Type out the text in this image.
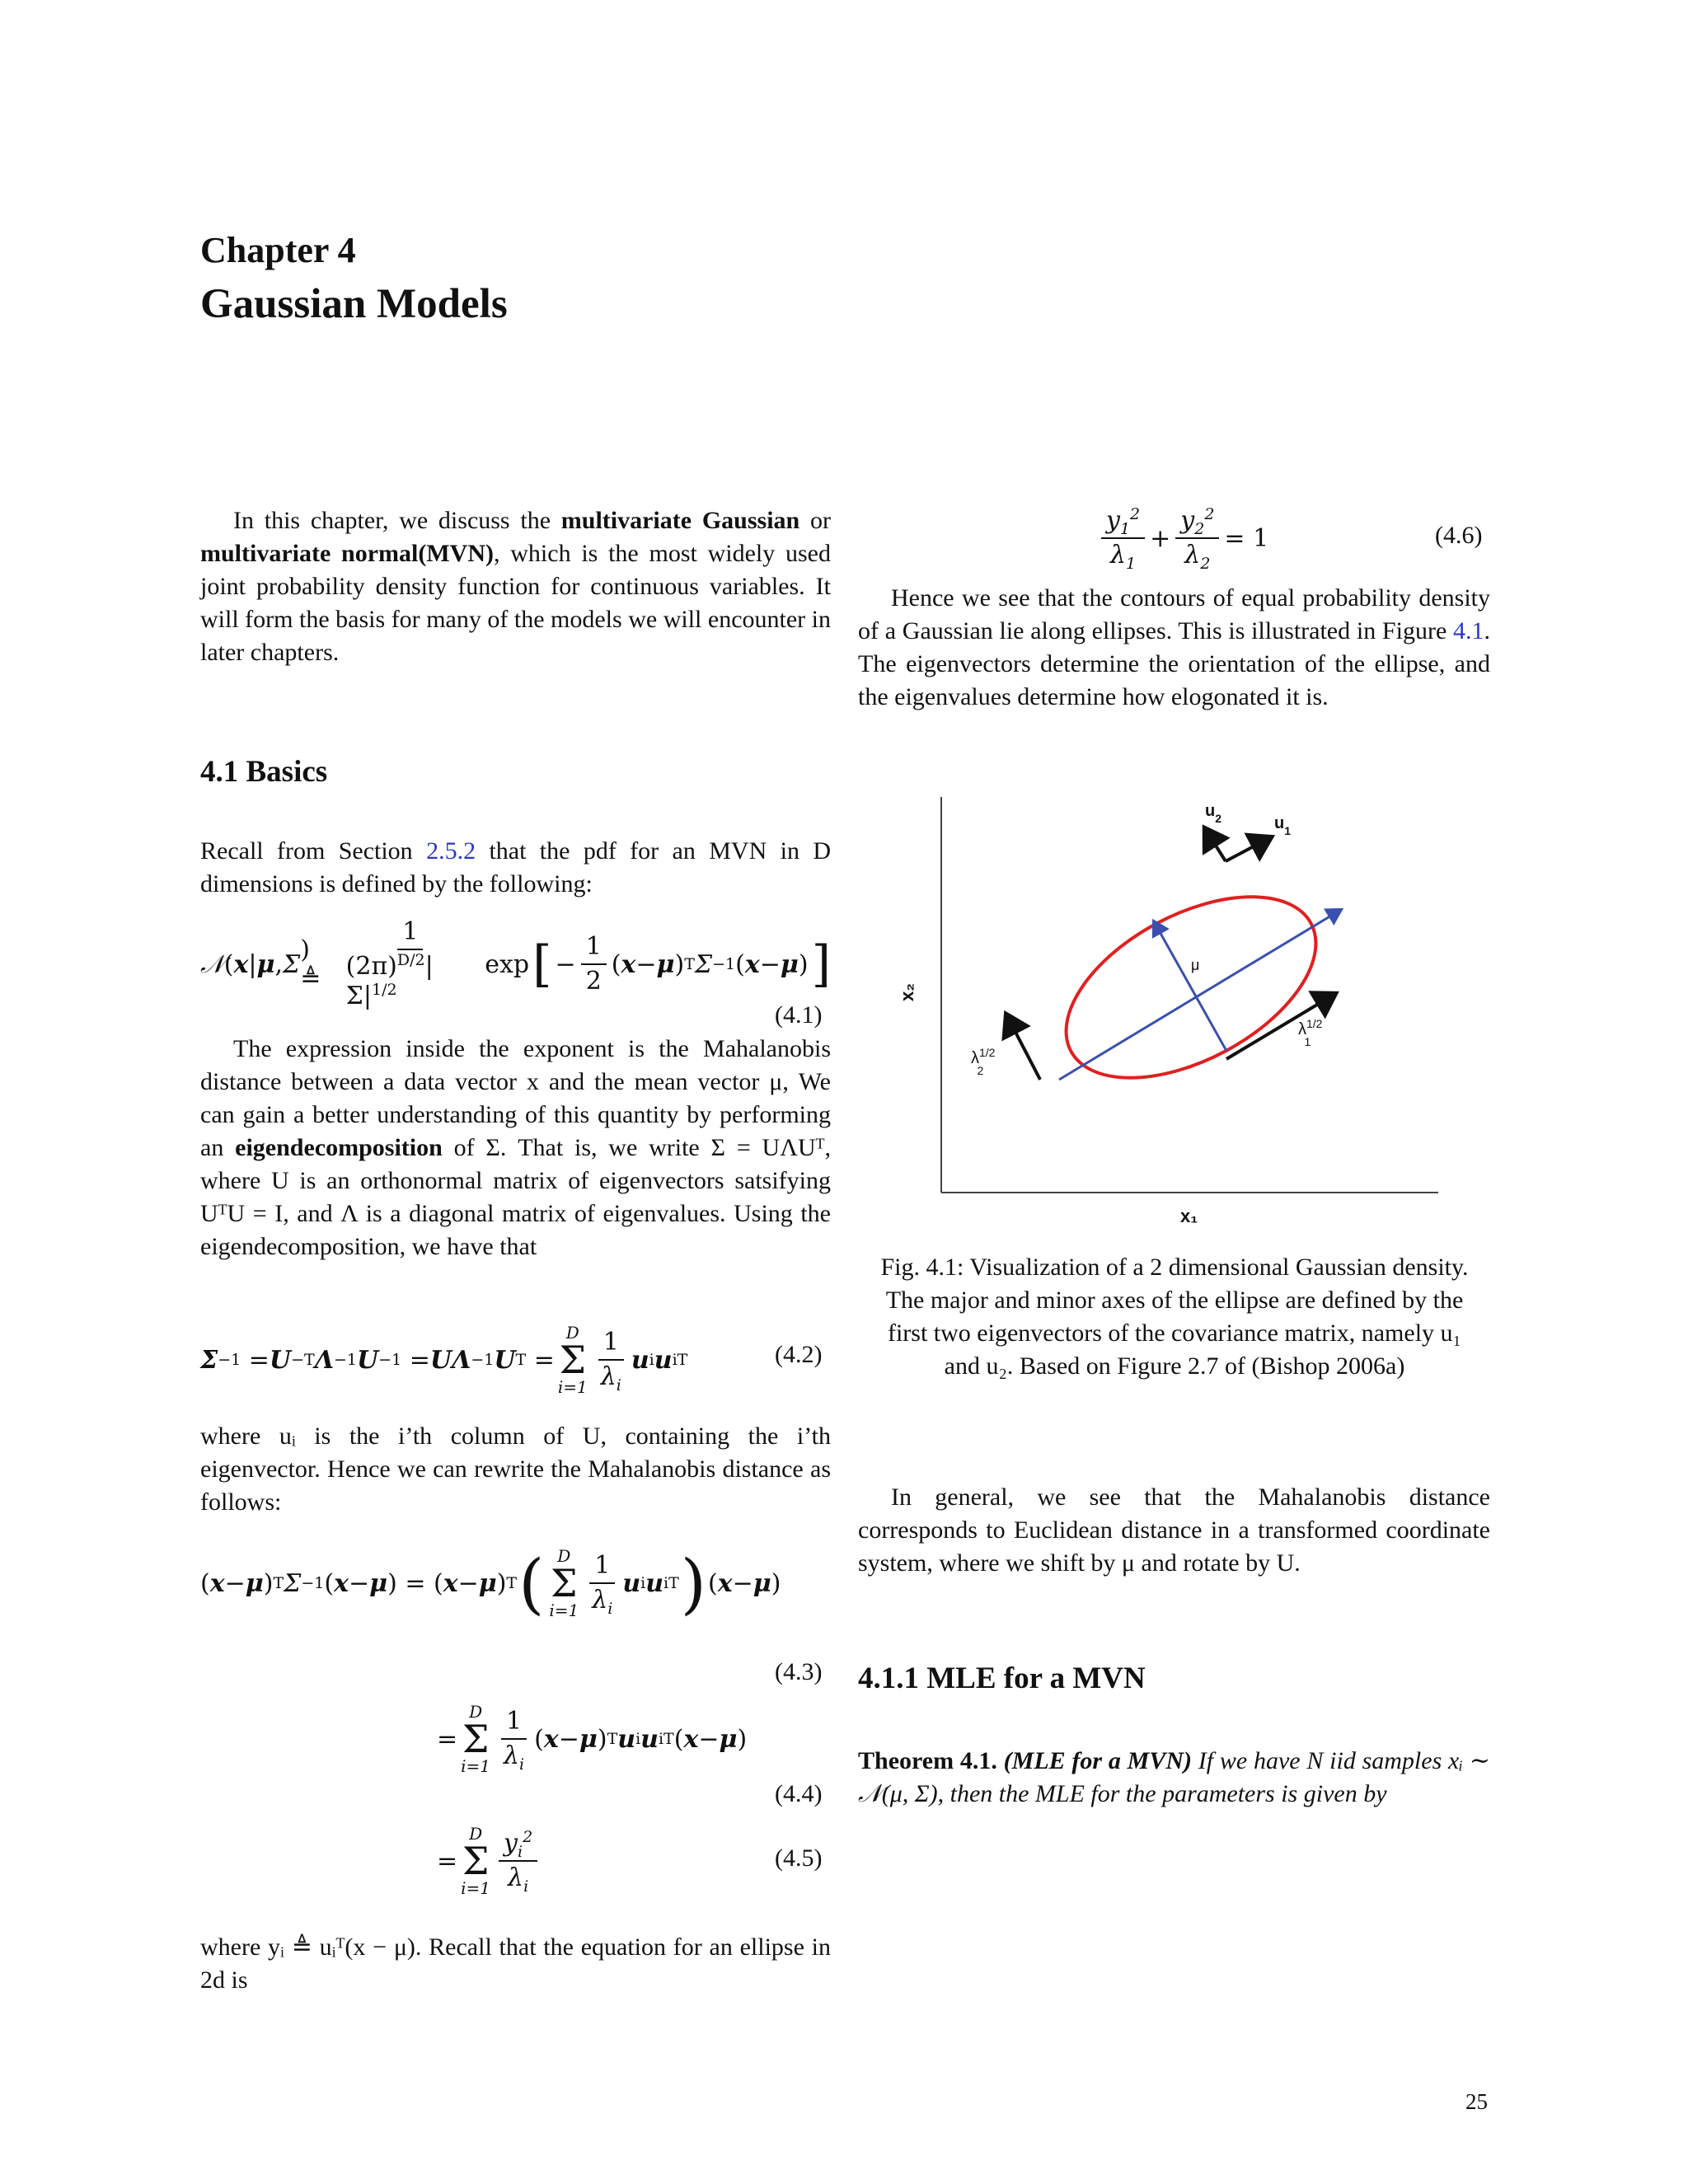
Chapter 4
Gaussian Models
In this chapter, we discuss the multivariate Gaussian or multivariate normal(MVN), which is the most widely used joint probability density function for continuous variables. It will form the basis for many of the models we will encounter in later chapters.
4.1 Basics
Recall from Section 2.5.2 that the pdf for an MVN in D dimensions is defined by the following:
𝒩 ( x | μ , Σ ) ≜ $\frac{1}{(2\pi)^{D/2}|\Sigma|^{1/2}}$ exp [ − $\frac{1}{2}$ ( x − μ ) T Σ −1 ( x − μ ) ]
(4.1)
The expression inside the exponent is the Mahalanobis distance between a data vector x and the mean vector μ, We can gain a better understanding of this quantity by performing an eigendecomposition of Σ. That is, we write Σ = UΛUᵀ, where U is an orthonormal matrix of eigenvectors satsifying UᵀU = I, and Λ is a diagonal matrix of eigenvalues. Using the eigendecomposition, we have that
Σ −1 = U −T Λ −1 U −1 = UΛ −1 U T =
D
Σ
$i=1 \frac{1}{\lambda_i}$ u i u i T	(4.2)
where uᵢ is the i’th column of U, containing the i’th eigenvector. Hence we can rewrite the Mahalanobis distance as follows:
( x − μ ) T Σ −1 ( x − μ ) = ( x − μ ) T ( D
Σ
$i=1 \frac{1}{\lambda_i}$ u i u i T ) ( x − μ )
(4.3)
=
D
Σ
$i=1 \frac{1}{\lambda_i}$ ( x − μ ) T u i u i T ( x − μ )
(4.4)
=
D
Σ
$i=1 \frac{y_i^2}{\lambda_i}$	(4.5)
where yᵢ ≜ uᵢᵀ(x − μ). Recall that the equation for an ellipse in 2d is
$\frac{y_1^2}{\lambda_1} + \frac{y_2^2}{\lambda_2} = 1$	(4.6)
Hence we see that the contours of equal probability density of a Gaussian lie along ellipses. This is illustrated in Figure 4.1. The eigenvectors determine the orientation of the ellipse, and the eigenvalues determine how elogonated it is.
x₁
x₂
μ
$\lambda^{1/2}$ 1
$\lambda^{1/2}$ 2
$u_1$
$u_2$
Fig. 4.1: Visualization of a 2 dimensional Gaussian density. The major and minor axes of the ellipse are defined by the first two eigenvectors of the covariance matrix, namely u₁ and u₂. Based on Figure 2.7 of (Bishop 2006a)
In general, we see that the Mahalanobis distance corresponds to Euclidean distance in a transformed coordinate system, where we shift by μ and rotate by U.
4.1.1 MLE for a MVN
Theorem 4.1. (MLE for a MVN) If we have N iid samples xᵢ ∼ 𝒩(μ, Σ), then the MLE for the parameters is given by
25
